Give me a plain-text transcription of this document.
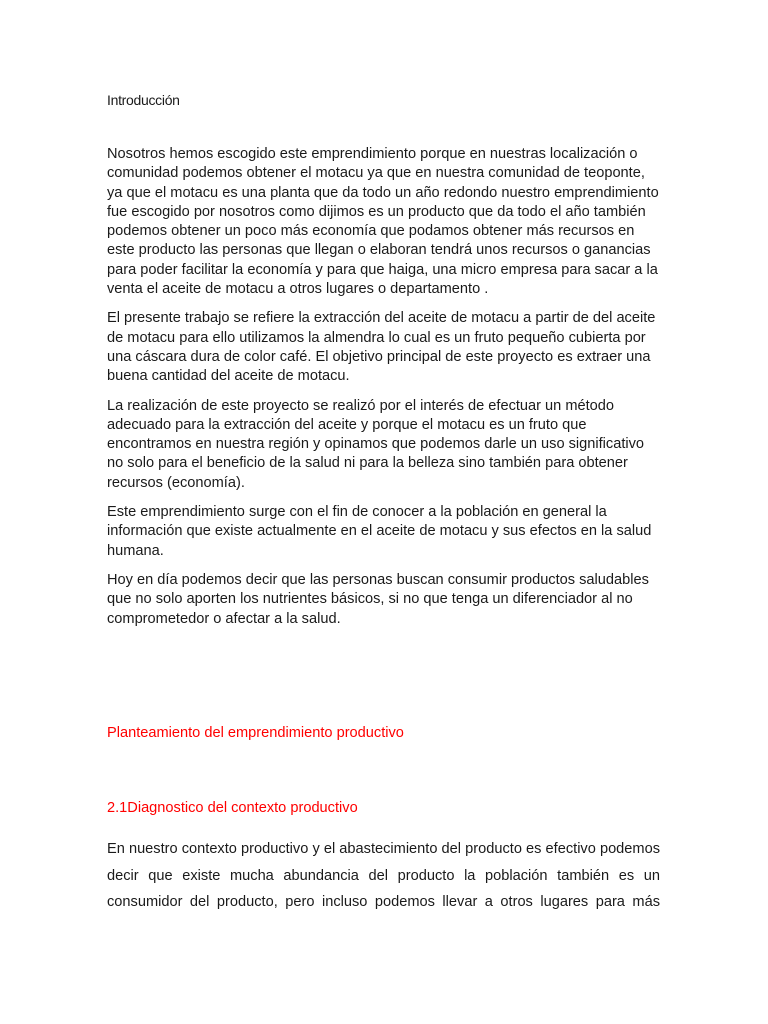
Introducción

Nosotros hemos escogido este emprendimiento porque en nuestras localización o comunidad podemos obtener el motacu ya que en nuestra comunidad de teoponte, ya que el motacu es una planta que da todo un año redondo nuestro emprendimiento fue escogido por nosotros como dijimos es un producto que da todo el año también podemos obtener un poco más economía que podamos obtener más recursos en este producto las personas que llegan o elaboran tendrá unos recursos o ganancias para poder facilitar la economía y para que haiga, una micro empresa para sacar a la venta el aceite de motacu a otros lugares o departamento .

El presente trabajo se refiere la extracción del aceite de motacu a partir de del aceite de motacu para ello utilizamos la almendra lo cual es un fruto pequeño cubierta por una cáscara dura de color café. El objetivo principal de este proyecto es extraer una buena cantidad del aceite de motacu.

La realización de este proyecto se realizó por el interés de efectuar un método adecuado para la extracción del aceite y porque el motacu es un fruto que encontramos en nuestra región y opinamos que podemos darle un uso significativo no solo para el beneficio de la salud ni para la belleza sino también para obtener recursos (economía).

Este emprendimiento surge con el fin de conocer a la población en general la información que existe actualmente en el aceite de motacu y sus efectos en la salud humana.

Hoy en día podemos decir que las personas buscan consumir productos saludables que no solo aporten los nutrientes básicos, si no que tenga un diferenciador al no comprometedor o afectar a la salud.

Planteamiento del emprendimiento productivo
2.1Diagnostico del contexto productivo

En nuestro contexto productivo y el abastecimiento del producto es efectivo podemos decir que existe mucha abundancia del producto la población también es un consumidor del producto, pero incluso podemos llevar a otros lugares para más
